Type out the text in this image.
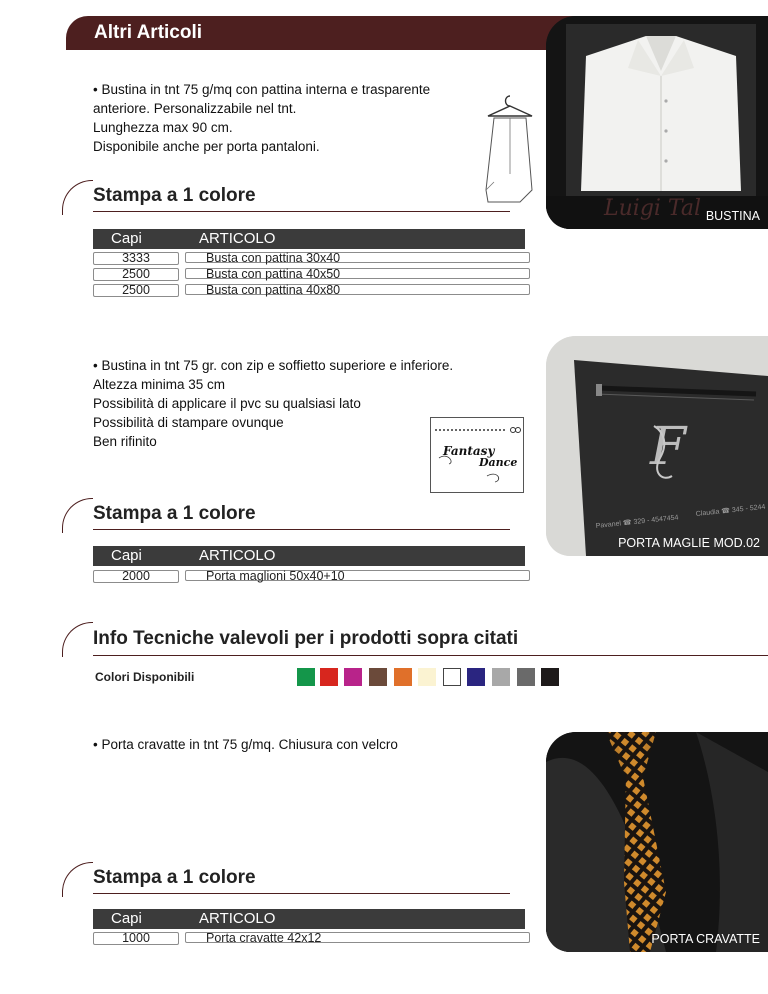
Altri Articoli
Luigi Tal BUSTINA

• Bustina in tnt 75 g/mq con pattina interna e trasparente

anteriore. Personalizzabile nel tnt.

Lunghezza max 90 cm.

Disponibile anche per porta pantaloni.

Stampa a 1 colore
Capi	ARTICOLO
3333	Busta con pattina 30x40
2500	Busta con pattina 40x50
2500	Busta con pattina 40x80
F
Pavanel ☎ 329 - 4547454
Claudia ☎ 345 - 5244
PORTA MAGLIE MOD.02

• Bustina in tnt 75 gr. con zip e soffietto superiore e inferiore.

Altezza minima 35 cm

Possibilità di applicare il pvc su qualsiasi lato

Possibilità di stampare ovunque

Ben rifinito

Fantasy
Dance
Stampa a 1 colore
Capi	ARTICOLO
2000	Porta maglioni 50x40+10
Info Tecniche valevoli per i prodotti sopra citati
Colori Disponibili

• Porta cravatte in tnt 75 g/mq. Chiusura con velcro

PORTA CRAVATTE
Stampa a 1 colore
Capi	ARTICOLO
1000	Porta cravatte 42x12
